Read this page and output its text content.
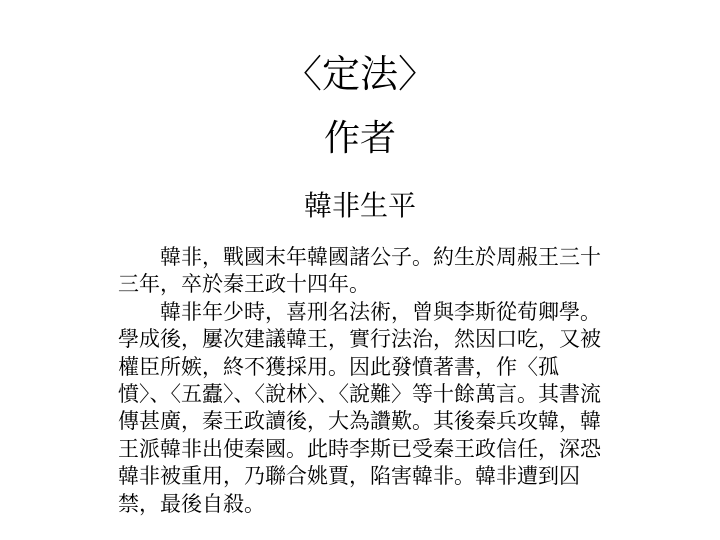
〈定法〉
作者
韓非生平

韓非，戰國末年韓國諸公子。約生於周赧王三十三年，卒於秦王政十四年。

韓非年少時，喜刑名法術，曾與李斯從荀卿學。學成後，屢次建議韓王，實行法治，然因口吃，又被權臣所嫉，終不獲採用。因此發憤著書，作〈孤憤〉、〈五蠹〉、〈說林〉、〈說難〉等十餘萬言。其書流傳甚廣，秦王政讀後，大為讚歎。其後秦兵攻韓，韓王派韓非出使秦國。此時李斯已受秦王政信任，深恐韓非被重用，乃聯合姚賈，陷害韓非。韓非遭到囚禁，最後自殺。
